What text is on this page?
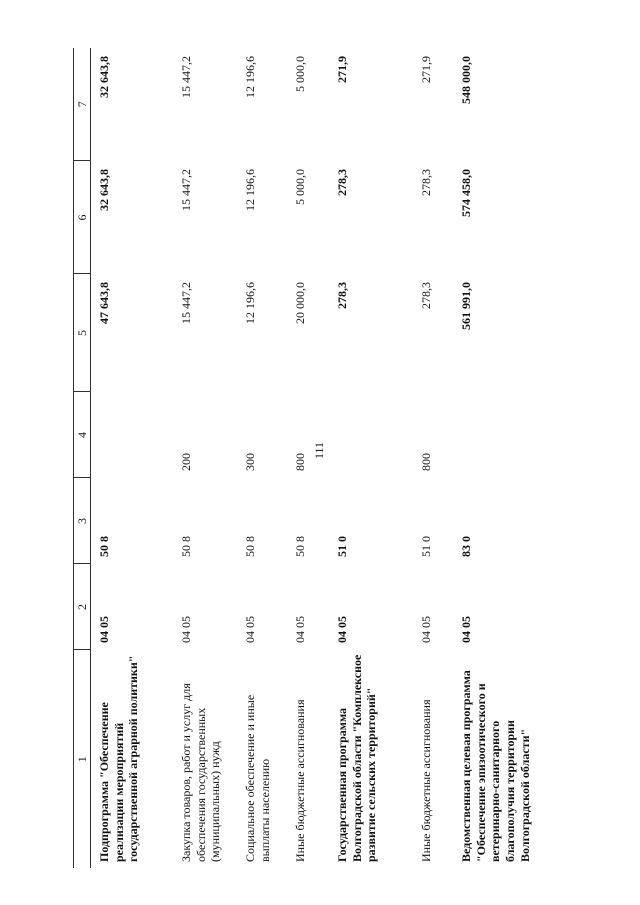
111
1	2	3	4	5	6	7
Подпрограмма "Обеспечение реализации мероприятий государственной аграрной политики"	04 05	50 8		47 643,8	32 643,8	32 643,8
Закупка товаров, работ и услуг для обеспечения государственных (муниципальных) нужд	04 05	50 8	200	15 447,2	15 447,2	15 447,2
Социальное обеспечение и иные выплаты населению	04 05	50 8	300	12 196,6	12 196,6	12 196,6
Иные бюджетные ассигнования	04 05	50 8	800	20 000,0	5 000,0	5 000,0
Государственная программа Волгоградской области "Комплексное развитие сельских территорий"	04 05	51 0		278,3	278,3	271,9
Иные бюджетные ассигнования	04 05	51 0	800	278,3	278,3	271,9
Ведомственная целевая программа "Обеспечение эпизоотического и ветеринарно-санитарного благополучия территории Волгоградской области"	04 05	83 0		561 991,0	574 458,0	548 000,0
